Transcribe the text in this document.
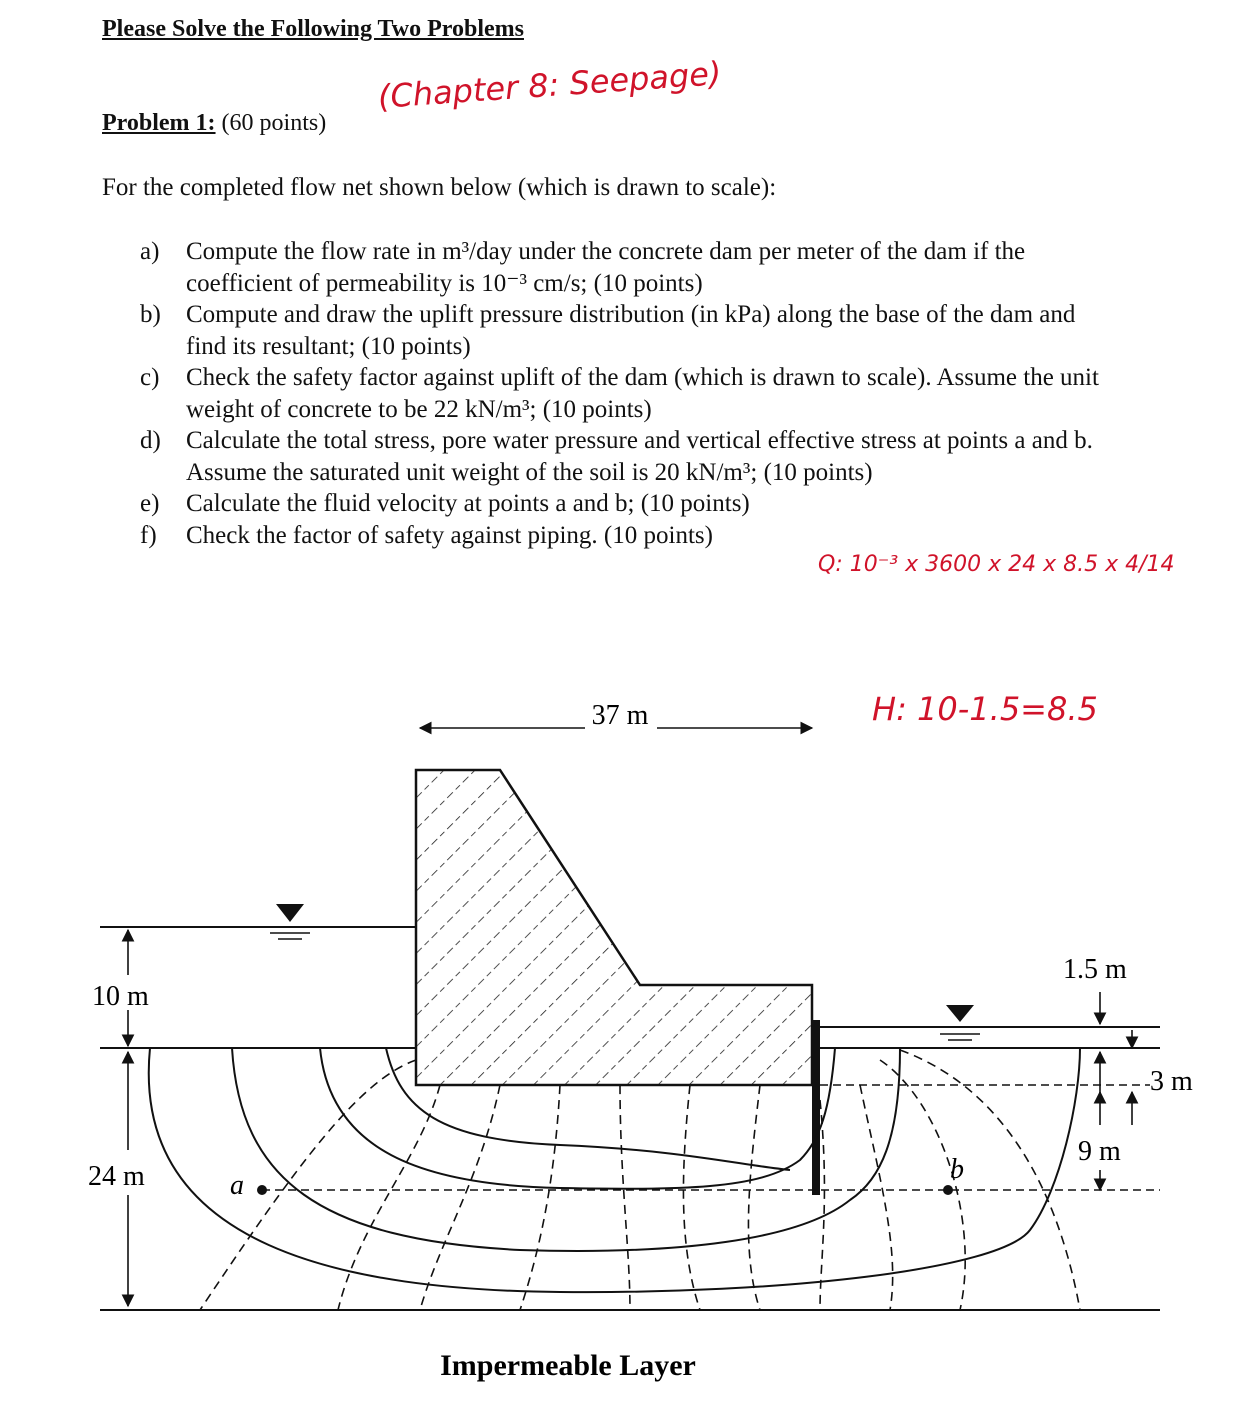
Please Solve the Following Two Problems
Problem 1: (60 points)
(Chapter 8: Seepage)
For the completed flow net shown below (which is drawn to scale):
a)	Compute the flow rate in m³/day under the concrete dam per meter of the dam if the coefficient of permeability is 10⁻³ cm/s; (10 points)
b)	Compute and draw the uplift pressure distribution (in kPa) along the base of the dam and find its resultant; (10 points)
c)	Check the safety factor against uplift of the dam (which is drawn to scale). Assume the unit weight of concrete to be 22 kN/m³; (10 points)
d)	Calculate the total stress, pore water pressure and vertical effective stress at points a and b. Assume the saturated unit weight of the soil is 20 kN/m³; (10 points)
e)	Calculate the fluid velocity at points a and b; (10 points)
f)	Check the factor of safety against piping. (10 points)
Q: 10⁻³ x 3600 x 24 x 8.5 x 4/14
H: 10-1.5=8.5
37 m
10 m
24 m
1.5 m
3 m
9 m
a
b
Impermeable Layer
